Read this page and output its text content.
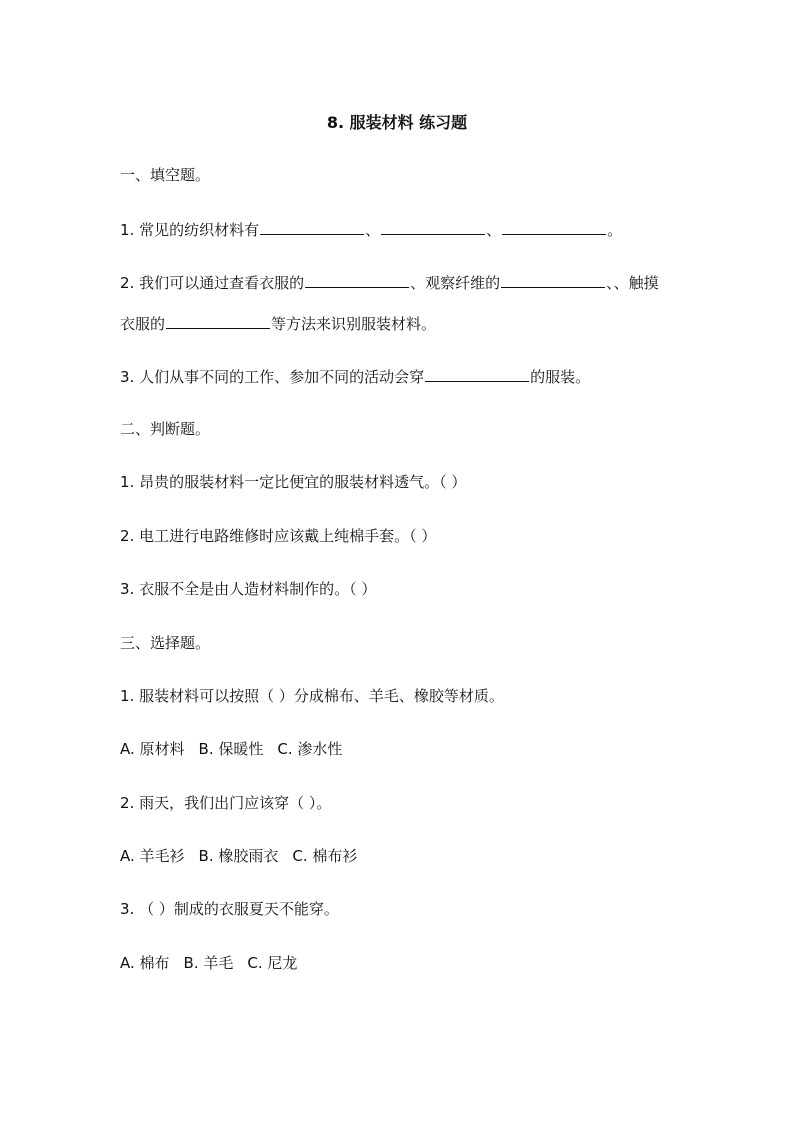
8. 服装材料 练习题
一、填空题。
1. 常见的纺织材料有	、	、	。
2. 我们可以通过查看衣服的	、观察纤维的	、、触摸
衣服的	等方法来识别服装材料。
3. 人们从事不同的工作、参加不同的活动会穿	的服装。
二、判断题。
1. 昂贵的服装材料一定比便宜的服装材料透气。（ ）
2. 电工进行电路维修时应该戴上纯棉手套。（ ）
3. 衣服不全是由人造材料制作的。（ ）
三、选择题。
1. 服装材料可以按照（ ）分成棉布、羊毛、橡胶等材质。
A. 原材料 B. 保暖性 C. 渗水性
2. 雨天，我们出门应该穿（ ）。
A. 羊毛衫 B. 橡胶雨衣 C. 棉布衫
3. （ ）制成的衣服夏天不能穿。
A. 棉布 B. 羊毛 C. 尼龙
